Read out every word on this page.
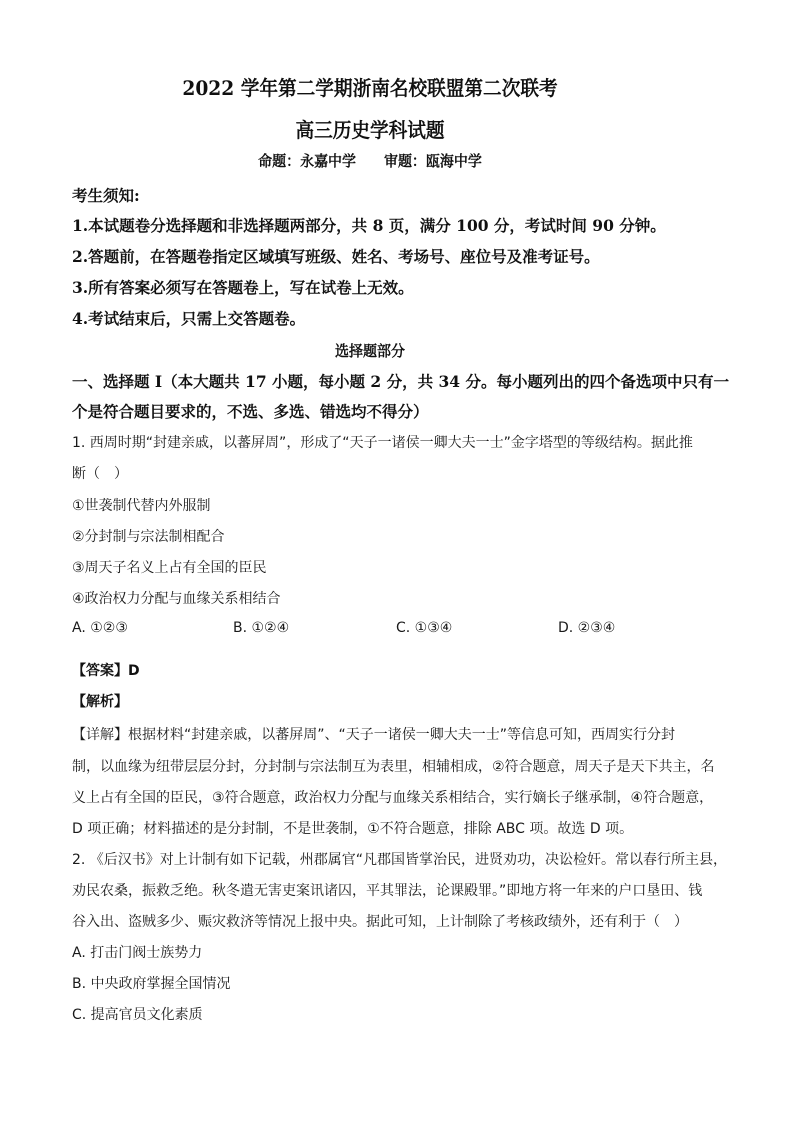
2022 学年第二学期浙南名校联盟第二次联考
高三历史学科试题
命题：永嘉中学　　审题：瓯海中学
考生须知:
1.本试题卷分选择题和非选择题两部分，共 8 页，满分 100 分，考试时间 90 分钟。
2.答题前，在答题卷指定区域填写班级、姓名、考场号、座位号及准考证号。
3.所有答案必须写在答题卷上，写在试卷上无效。
4.考试结束后，只需上交答题卷。
选择题部分
一、选择题 I（本大题共 17 小题，每小题 2 分，共 34 分。每小题列出的四个备选项中只有一
个是符合题目要求的，不选、多选、错选均不得分）
1. 西周时期“封建亲戚，以蕃屏周”，形成了“天子一诸侯一卿大夫一士”金字塔型的等级结构。据此推
断（　）
①世袭制代替内外服制
②分封制与宗法制相配合
③周天子名义上占有全国的臣民
④政治权力分配与血缘关系相结合
A. ①②③	B. ①②④	C. ①③④	D. ②③④
【答案】D
【解析】
【详解】根据材料“封建亲戚，以蕃屏周”、“天子一诸侯一卿大夫一士”等信息可知，西周实行分封
制，以血缘为纽带层层分封，分封制与宗法制互为表里，相辅相成，②符合题意，周天子是天下共主，名
义上占有全国的臣民，③符合题意，政治权力分配与血缘关系相结合，实行嫡长子继承制，④符合题意，
D 项正确；材料描述的是分封制，不是世袭制，①不符合题意，排除 ABC 项。故选 D 项。
2. 《后汉书》对上计制有如下记载，州郡属官“凡郡国皆掌治民，进贤劝功，决讼检奸。常以春行所主县，
劝民农桑，振救乏绝。秋冬遣无害吏案讯诸囚，平其罪法，论课殿罪。”即地方将一年来的户口垦田、钱
谷入出、盗贼多少、赈灾救济等情况上报中央。据此可知，上计制除了考核政绩外，还有利于（　）
A. 打击门阀士族势力
B. 中央政府掌握全国情况
C. 提高官员文化素质
